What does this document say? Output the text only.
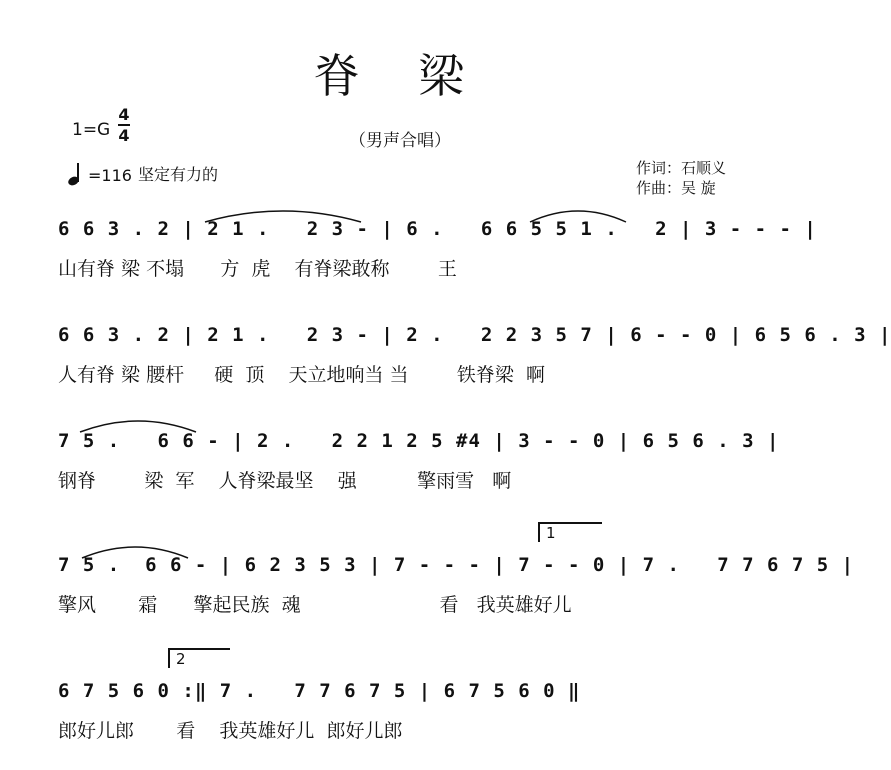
脊 梁
（男声合唱）
1=G
4
4
=116 坚定有力的	作词：石顺义
作曲：吴 旋
6 6 3 . 2 | 2 1 .   2 3 - | 6 .   6 6 5 5 1 .   2 | 3 - - - |
山有脊 梁 不塌      方  虎    有脊梁敢称        王
6 6 3 . 2 | 2 1 .   2 3 - | 2 .   2 2 3 5 7 | 6 - - 0 | 6 5 6 . 3 |
人有脊 梁 腰杆     硬  顶    天立地响当 当        铁脊梁  啊
7 5 .   6 6 - | 2 .   2 2 1 2 5 #4 | 3 - - 0 | 6 5 6 . 3 |
钢脊        梁  军    人脊梁最坚    强          擎雨雪   啊
1
7 5 .  6 6 - | 6 2 3 5 3 | 7 - - - | 7 - - 0 | 7 .   7 7 6 7 5 |
擎风       霜      擎起民族  魂                       看   我英雄好儿
2
6 7 5 6 0 :‖ 7 .   7 7 6 7 5 | 6 7 5 6 0 ‖
郎好儿郎       看    我英雄好儿  郎好儿郎
